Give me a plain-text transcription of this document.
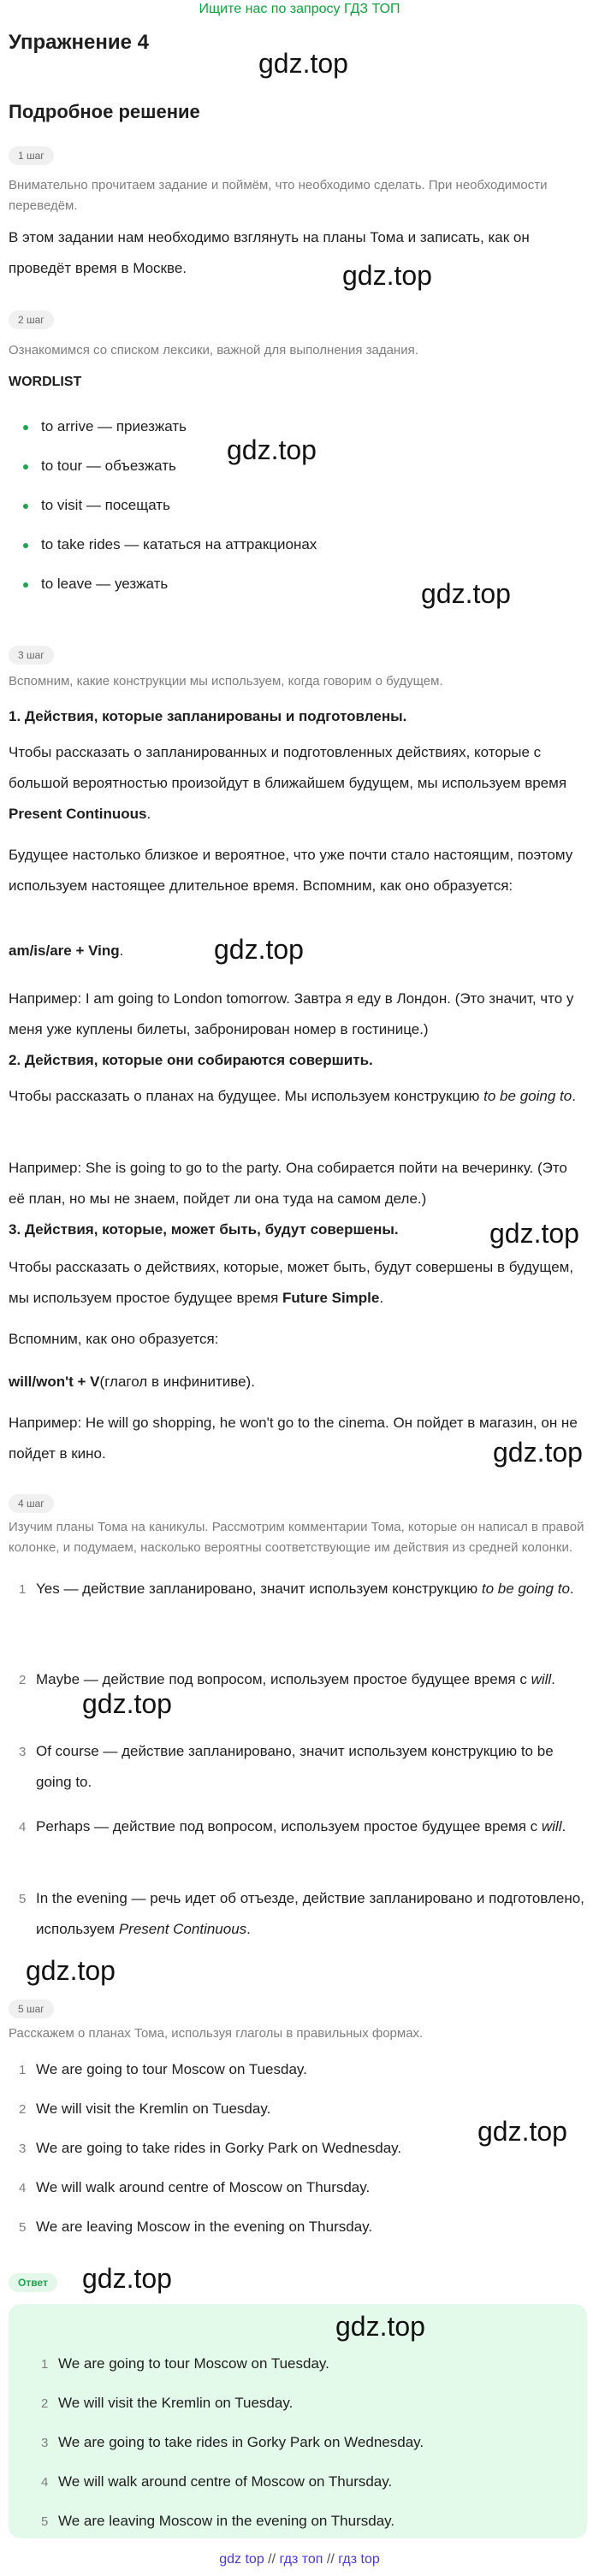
Ищите нас по запросу ГДЗ ТОП
Упражнение 4
gdz.top
Подробное решение
1 шаг
Внимательно прочитаем задание и поймём, что необходимо сделать. При необходимости переведём.
В этом задании нам необходимо взглянуть на планы Тома и записать, как он проведёт время в Москве.	gdz.top
2 шаг
Ознакомимся со списком лексики, важной для выполнения задания.
WORDLIST
to arrive — приезжать
to tour — объезжать
to visit — посещать
to take rides — кататься на аттракционах
to leave — уезжать
gdz.top
gdz.top
3 шаг
Вспомним, какие конструкции мы используем, когда говорим о будущем.
1. Действия, которые запланированы и подготовлены.
Чтобы рассказать о запланированных и подготовленных действиях, которые с большой вероятностью произойдут в ближайшем будущем, мы используем время Present Continuous.
Будущее настолько близкое и вероятное, что уже почти стало настоящим, поэтому используем настоящее длительное время. Вспомним, как оно образуется:
am/is/are + Ving.	gdz.top
Например: I am going to London tomorrow. Завтра я еду в Лондон. (Это значит, что у меня уже куплены билеты, забронирован номер в гостинице.)
2. Действия, которые они собираются совершить.
Чтобы рассказать о планах на будущее. Мы используем конструкцию to be going to.
Например: She is going to go to the party. Она собирается пойти на вечеринку. (Это её план, но мы не знаем, пойдет ли она туда на самом деле.)
3. Действия, которые, может быть, будут совершены.	gdz.top
Чтобы рассказать о действиях, которые, может быть, будут совершены в будущем, мы используем простое будущее время Future Simple.
Вспомним, как оно образуется:
will/won't + V(глагол в инфинитиве).
Например: He will go shopping, he won't go to the cinema. Он пойдет в магазин, он не пойдет в кино.	gdz.top
4 шаг
Изучим планы Тома на каникулы. Рассмотрим комментарии Тома, которые он написал в правой колонке, и подумаем, насколько вероятны соответствующие им действия из средней колонки.
1 Yes — действие запланировано, значит используем конструкцию to be going to.
2 Maybe — действие под вопросом, используем простое будущее время с will.
gdz.top
3 Of course — действие запланировано, значит используем конструкцию to be going to.
4 Perhaps — действие под вопросом, используем простое будущее время с will.
5 In the evening — речь идет об отъезде, действие запланировано и подготовлено, используем Present Continuous.
gdz.top
5 шаг
Расскажем о планах Тома, используя глаголы в правильных формах.
1 We are going to tour Moscow on Tuesday.
2 We will visit the Kremlin on Tuesday.
3 We are going to take rides in Gorky Park on Wednesday.
4 We will walk around centre of Moscow on Thursday.
5 We are leaving Moscow in the evening on Thursday.
gdz.top
Ответ	gdz.top
gdz.top
1 We are going to tour Moscow on Tuesday.
2 We will visit the Kremlin on Tuesday.
3 We are going to take rides in Gorky Park on Wednesday.
4 We will walk around centre of Moscow on Thursday.
5 We are leaving Moscow in the evening on Thursday.
gdz top // гдз топ // гдз top
